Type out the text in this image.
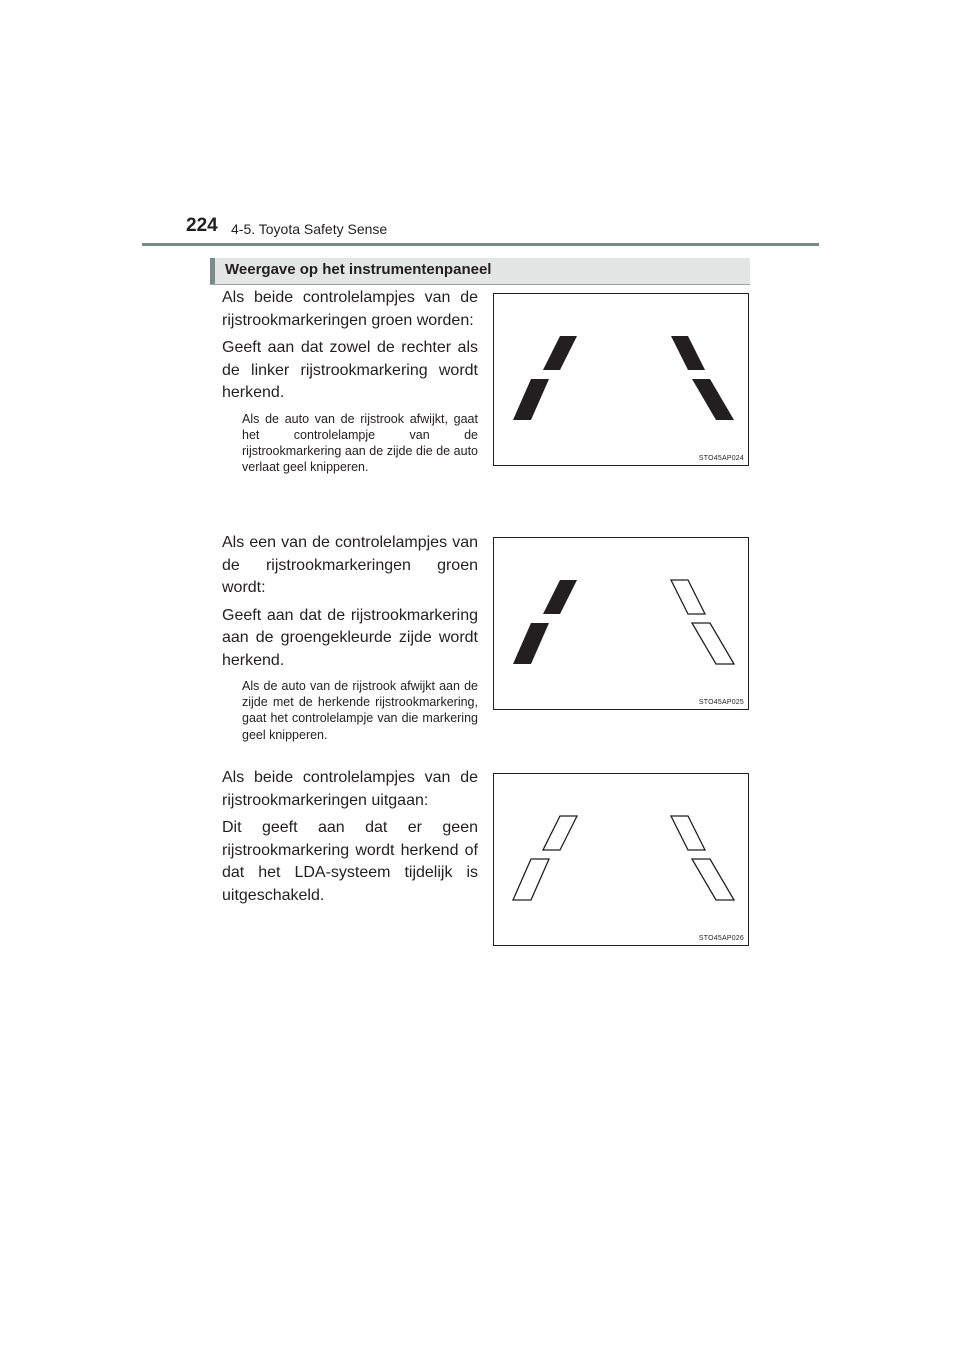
224 4-5. Toyota Safety Sense
Weergave op het instrumentenpaneel

Als beide controlelampjes van de rijstrookmarkeringen groen worden:

Geeft aan dat zowel de rechter als de linker rijstrookmarkering wordt herkend.

Als de auto van de rijstrook afwijkt, gaat het controlelampje van de rijstrookmarkering aan de zijde die de auto verlaat geel knipperen.

Als een van de controlelampjes van de rijstrookmarkeringen groen wordt:

Geeft aan dat de rijstrookmarkering aan de groengekleurde zijde wordt herkend.

Als de auto van de rijstrook afwijkt aan de zijde met de herkende rijstrookmarkering, gaat het controlelampje van die markering geel knipperen.

Als beide controlelampjes van de rijstrookmarkeringen uitgaan:

Dit geeft aan dat er geen rijstrookmarkering wordt herkend of dat het LDA-systeem tijdelijk is uitgeschakeld.

STO45AP024
STO45AP025
STO45AP026
